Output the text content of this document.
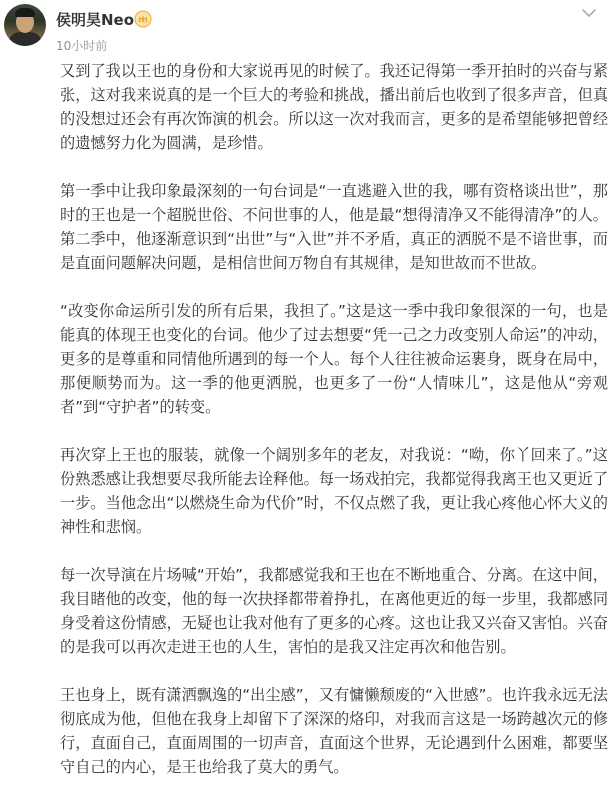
侯明昊Neo
10小时前

又到了我以王也的身份和大家说再见的时候了。我还记得第一季开拍时的兴奋与紧张，这对我来说真的是一个巨大的考验和挑战，播出前后也收到了很多声音，但真的没想过还会有再次饰演的机会。所以这一次对我而言，更多的是希望能够把曾经的遗憾努力化为圆满，是珍惜。

第一季中让我印象最深刻的一句台词是“一直逃避入世的我，哪有资格谈出世”，那时的王也是一个超脱世俗、不问世事的人，他是最“想得清净又不能得清净”的人。第二季中，他逐渐意识到“出世”与“入世”并不矛盾，真正的洒脱不是不谙世事，而是直面问题解决问题，是相信世间万物自有其规律，是知世故而不世故。

“改变你命运所引发的所有后果，我担了。”这是这一季中我印象很深的一句，也是能真的体现王也变化的台词。他少了过去想要“凭一己之力改变别人命运”的冲动，更多的是尊重和同情他所遇到的每一个人。每个人往往被命运裹身，既身在局中，那便顺势而为。这一季的他更洒脱，也更多了一份“人情味儿”，这是他从“旁观者”到“守护者”的转变。

再次穿上王也的服装，就像一个阔别多年的老友，对我说：“呦，你丫回来了。”这份熟悉感让我想要尽我所能去诠释他。每一场戏拍完，我都觉得我离王也又更近了一步。当他念出“以燃烧生命为代价”时，不仅点燃了我，更让我心疼他心怀大义的神性和悲悯。

每一次导演在片场喊“开始”，我都感觉我和王也在不断地重合、分离。在这中间，我目睹他的改变，他的每一次抉择都带着挣扎，在离他更近的每一步里，我都感同身受着这份情感，无疑也让我对他有了更多的心疼。这也让我又兴奋又害怕。兴奋的是我可以再次走进王也的人生，害怕的是我又注定再次和他告别。

王也身上，既有潇洒飘逸的“出尘感”，又有慵懒颓废的“入世感”。也许我永远无法彻底成为他，但他在我身上却留下了深深的烙印，对我而言这是一场跨越次元的修行，直面自己，直面周围的一切声音，直面这个世界，无论遇到什么困难，都要坚守自己的内心，是王也给我了莫大的勇气。
